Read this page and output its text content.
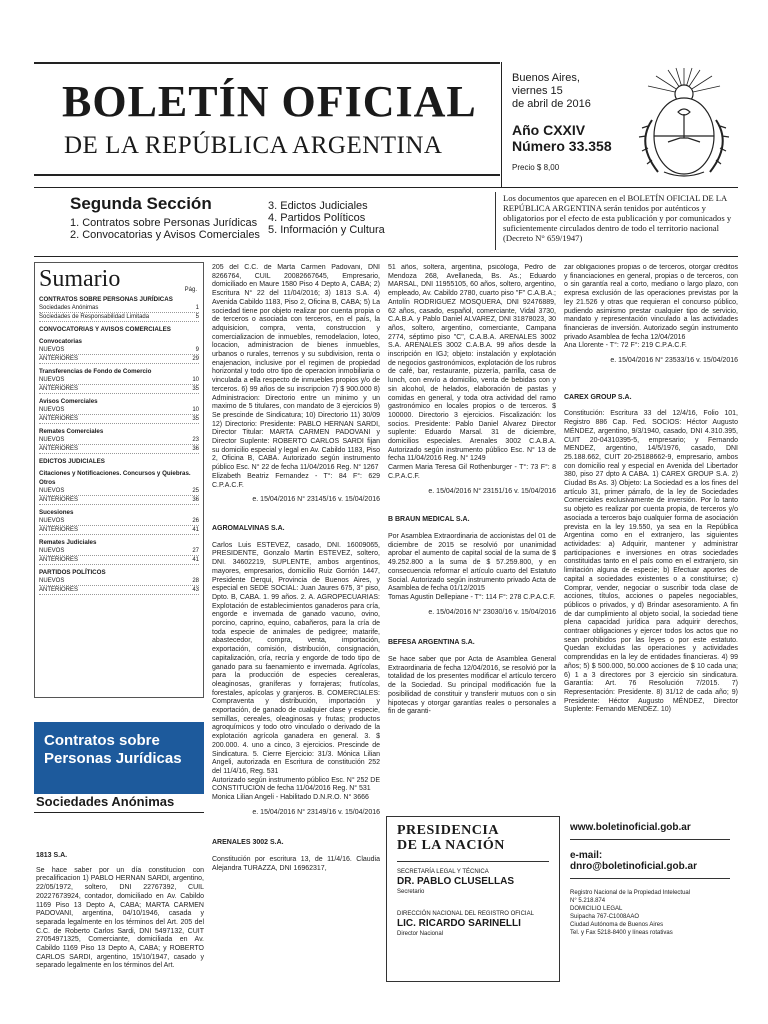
BOLETÍN OFICIAL
DE LA REPÚBLICA ARGENTINA
Buenos Aires,
viernes 15
de abril de 2016
Año CXXIV
Número 33.358
Precio $ 8,00
Segunda Sección
1. Contratos sobre Personas Jurídicas
2. Convocatorias y Avisos Comerciales
3. Edictos Judiciales
4. Partidos Políticos
5. Información y Cultura
Los documentos que aparecen en el BOLETÍN OFICIAL DE LA REPÚBLICA ARGENTINA serán tenidos por auténticos y obligatorios por el efecto de esta publicación y por comunicados y suficientemente circulados dentro de todo el territorio nacional (Decreto N° 659/1947)
Sumario	Pág.
CONTRATOS SOBRE PERSONAS JURÍDICAS
Sociedades Anónimas	1
Sociedades de Responsabilidad Limitada	5
CONVOCATORIAS Y AVISOS COMERCIALES
Convocatorias
NUEVOS	9
ANTERIORES	29
Transferencias de Fondo de Comercio
NUEVOS	10
ANTERIORES	35
Avisos Comerciales
NUEVOS	10
ANTERIORES	35
Remates Comerciales
NUEVOS	23
ANTERIORES	36
EDICTOS JUDICIALES
Citaciones y Notificaciones. Concursos y Quiebras. Otros
NUEVOS	25
ANTERIORES	36
Sucesiones
NUEVOS	26
ANTERIORES	41
Remates Judiciales
NUEVOS	27
ANTERIORES	41
PARTIDOS POLÍTICOS
NUEVOS	28
ANTERIORES	43
Contratos sobre
Personas Jurídicas
Sociedades Anónimas
1813 S.A.
Se hace saber por un día constitucion con precalificacion 1) PABLO HERNAN SARDI, argentino, 22/05/1972, soltero, DNI 22767392, CUIL 20227673924, contador, domiciliado en Av. Cabildo 1169 Piso 13 Depto A, CABA; MARTA CARMEN PADOVANI, argentina, 04/10/1946, casada y separada legalmente en los términos del Art. 205 del C.C. de Roberto Carlos Sardi, DNI 5497132, CUIT 27054971325, Comerciante, domiciliada en Av. Cabildo 1169 Piso 13 Depto A, CABA; y ROBERTO CARLOS SARDI, argentino, 15/10/1947, casado y separado legalmente en los términos del Art.
205 del C.C. de Marta Carmen Padovani, DNI 8266764, CUIL 20082667645, Empresario, domiciliado en Maure 1580 Piso 4 Depto A, CABA; 2) Escritura N° 22 del 11/04/2016; 3) 1813 S.A. 4) Avenida Cabildo 1183, Piso 2, Oficina B, CABA; 5) La sociedad tiene por objeto realizar por cuenta propia o de terceros o asociada con terceros, en el país, la adquisicion, compra, venta, construccion y comercializacion de inmuebles, remodelacion, loteo, locacion, administracion de bienes inmuebles, urbanos o rurales, terrenos y su subdivision, renta o enajenacion, inclusive por el regimen de propiedad horizontal y todo otro tipo de operacion inmobiliaria o vinculada a ella respecto de inmuebles propios y/o de terceros. 6) 99 años de su inscripcion 7) $ 900.000 8) Administracion: Directorio entre un minimo y un maximo de 5 titulares, con mandato de 3 ejercicios 9) Se prescinde de Sindicatura; 10) Directorio 11) 30/09 12) Directorio: Presidente: PABLO HERNAN SARDI, Director Titular: MARTA CARMEN PADOVANI y Director Suplente: ROBERTO CARLOS SARDI fijan su domicilio especial y legal en Av. Cabildo 1183, Piso 2, Oficina B, CABA. Autorizado según instrumento público Esc. N° 22 de fecha 11/04/2016 Reg. N° 1267
Elizabeth Beatriz Fernandez - T°: 84 F°: 629 C.P.A.C.F.
e. 15/04/2016 N° 23145/16 v. 15/04/2016
AGROMALVINAS S.A.
Carlos Luis ESTEVEZ, casado, DNI. 16009065, PRESIDENTE, Gonzalo Martin ESTEVEZ, soltero, DNI. 34602219, SUPLENTE, ambos argentinos, mayores, empresarios, domicilio Ruiz Gorrión 1447, Presidente Derqui, Provincia de Buenos Aires, y especial en SEDE SOCIAL: Juan Jaures 675, 3° piso, Dpto. B, CABA. 1. 99 años. 2. A. AGROPECUARIAS: Explotación de establecimientos ganaderos para cría, engorde e invernada de ganado vacuno, ovino, porcino, caprino, equino, cabañeros, para la cría de toda especie de animales de pedigree; matarife, abastecedor, compra, venta, importación, exportación, comisión, distribución, consignación, capitalización, cría, recría y engorde de todo tipo de ganado para su faenamiento e invernada. Agrícolas, para la producción de especies cerealeras, oleaginosas, graníferas y forrajeras; frutícolas, forestales, apícolas y granjeros. B. COMERCIALES: Compraventa y distribución, importación y exportación, de ganado de cualquier clase y especie, semillas, cereales, oleaginosas y frutas; productos agroquímicos y todo otro vinculado o derivado de la explotación agrícola ganadera en general. 3. $ 200.000. 4. uno a cinco, 3 ejercicios. Prescinde de Sindicatura. 5. Cierre Ejercicio: 31/3. Mónica Lilian Angeli, autorizada en Escritura de constitución 252 del 11/4/16, Reg. 531
Autorizado según instrumento público Esc. N° 252 DE CONSTITUCION de fecha 11/04/2016 Reg. N° 531
Monica Lilian Angeli - Habilitado D.N.R.O. N° 3666
e. 15/04/2016 N° 23149/16 v. 15/04/2016
ARENALES 3002 S.A.
Constitución por escritura 13, de 11/4/16. Claudia Alejandra TURAZZA, DNI 16962317,
51 años, soltera, argentina, psicóloga, Pedro de Mendoza 268, Avellaneda, Bs. As.; Eduardo MARSAL, DNI 11955105, 60 años, soltero, argentino, empleado, Av. Cabildo 2780, cuarto piso "F" C.A.B.A.; Antolín RODRIGUEZ MOSQUERA, DNI 92476889, 62 años, casado, español, comerciante, Vidal 3730, C.A.B.A. y Pablo Daniel ALVAREZ, DNI 31878023, 30 años, soltero, argentino, comerciante, Campana 2774, séptimo piso "C", C.A.B.A. ARENALES 3002 S.A. ARENALES 3002 C.A.B.A. 99 años desde la inscripción en IGJ; objeto: instalación y explotación de negocios gastronómicos, explotación de los rubros de café, bar, restaurante, pizzería, parrilla, casa de lunch, con envío a domicilio, venta de bebidas con y sin alcohol, de helados, elaboración de pastas y comidas en general, y toda otra actividad del ramo gastronómico en locales propios o de terceros. $ 100000. Directorio 3 ejercicios. Fiscalización: los socios. Presidente: Pablo Daniel Alvarez Director suplente: Eduardo Marsal. 31 de diciembre, domicilios especiales. Arenales 3002 C.A.B.A. Autorizado según instrumento público Esc. N° 13 de fecha 11/04/2016 Reg. N° 1249
Carmen Maria Teresa Gil Rothenburger - T°: 73 F°: 8 C.P.A.C.F.
e. 15/04/2016 N° 23151/16 v. 15/04/2016
B BRAUN MEDICAL S.A.
Por Asamblea Extraordinaria de accionistas del 01 de diciembre de 2015 se resolvió por unanimidad aprobar el aumento de capital social de la suma de $ 49.252.800 a la suma de $ 57.259.800, y en consecuencia reformar el artículo cuarto del Estatuto Social. Autorizado según instrumento privado Acta de Asamblea de fecha 01/12/2015
Tomas Agustin Dellepiane - T°: 114 F°: 278 C.P.A.C.F.
e. 15/04/2016 N° 23030/16 v. 15/04/2016
BEFESA ARGENTINA S.A.
Se hace saber que por Acta de Asamblea General Extraordinaria de fecha 12/04/2016, se resolvió por la totalidad de los presentes modificar el artículo tercero de la Sociedad. Su principal modificación fue la posibilidad de constituir y transferir mutuos con o sin hipotecas y otorgar garantías reales o personales a fin de garanti-
zar obligaciones propias o de terceros, otorgar créditos y financiaciones en general, propias o de terceros, con o sin garantía real a corto, mediano o largo plazo, con expresa exclusión de las operaciones previstas por la ley 21.526 y otras que requieran el concurso público, pudiendo asimismo prestar cualquier tipo de servicio, mandato y representación vinculado a las actividades financieras de inversión. Autorizado según instrumento privado Asamblea de fecha 12/04/2016
Ana Llorente - T°: 72 F°: 219 C.P.A.C.F.
e. 15/04/2016 N° 23533/16 v. 15/04/2016
CAREX GROUP S.A.
Constitución: Escritura 33 del 12/4/16, Folio 101, Registro 886 Cap. Fed. SOCIOS: Héctor Augusto MÉNDEZ, argentino, 9/3/1940, casado, DNI 4.310.395, CUIT 20-04310395-5, empresario; y Fernando MENDEZ, argentino, 14/5/1976, casado, DNI 25.188.662, CUIT 20-25188662-9, empresario, ambos con domicilio real y especial en Avenida del Libertador 380, piso 27 dpto A CABA. 1) CAREX GROUP S.A. 2) Ciudad Bs As. 3) Objeto: La Sociedad es a los fines del artículo 31, primer párrafo, de la ley de Sociedades Comerciales exclusivamente de inversión. Por lo tanto su objeto es realizar por cuenta propia, de terceros y/o asociada a terceros bajo cualquier forma de asociación prevista en la ley 19.550, ya sea en la República Argentina como en el extranjero, las siguientes actividades: a) Adquirir, mantener y administrar participaciones e inversiones en otras sociedades constituidas tanto en el país como en el extranjero, sin limitación alguna de especie; b) Efectuar aportes de capital a sociedades existentes o a constituirse; c) Comprar, vender, negociar o suscribir toda clase de acciones, títulos, acciones o papeles negociables, públicos o privados, y d) Brindar asesoramiento. A fin de dar cumplimiento al objeto social, la sociedad tiene plena capacidad jurídica para adquirir derechos, contraer obligaciones y ejercer todos los actos que no sean prohibidos por las leyes o por este estatuto. Quedan excluidas las operaciones y actividades comprendidas en la ley de entidades financieras. 4) 99 años; 5) $ 500.000, 50.000 acciones de $ 10 cada una; 6) 1 a 3 directores por 3 ejercicio sin sindicatura. Garantía: Art. 76 Resolución 7/2015. 7) Representación: Presidente. 8) 31/12 de cada año; 9) Presidente: Héctor Augusto MÉNDEZ, Director Suplente: Fernando MENDEZ. 10)
PRESIDENCIA
DE LA NACIÓN
SECRETARÍA LEGAL Y TÉCNICA
DR. PABLO CLUSELLAS
Secretario
DIRECCIÓN NACIONAL DEL REGISTRO OFICIAL
LIC. RICARDO SARINELLI
Director Nacional
www.boletinoficial.gob.ar
e-mail: dnro@boletinoficial.gob.ar
Registro Nacional de la Propiedad Intelectual
N° 5.218.874
DOMICILIO LEGAL
Suipacha 767-C1008AAO
Ciudad Autónoma de Buenos Aires
Tel. y Fax 5218-8400 y líneas rotativas
